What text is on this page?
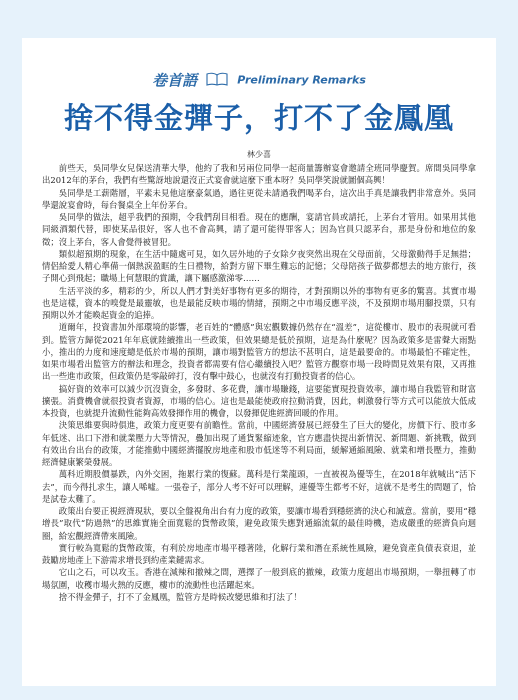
卷首語	Preliminary Remarks
捨不得金彈子，打不了金鳳凰
林少喜

前些天，吳同學女兒保送清華大學，他約了我和另兩位同學一起商量籌辦宴會邀請全班同學慶賀。席間吳同學拿出2012年的茅台，我們有些驚訝地說還沒正式宴會就這麼下重本呀？吳同學笑說就圖個高興！

吳同學是工薪階層，平素未見他這麼豪氣過，過往更從未請過我們喝茅台，這次出手真是讓我們非常意外。吳同學還說宴會時，每台餐桌全上年份茅台。

吳同學的做法，超乎我們的預期，令我們刮目相看。現在的應酬，宴請官員或請托，上茅台才管用。如果用其他同級酒類代替，即使某品很好，客人也不會高興，請了還可能得罪客人；因為官員只認茅台，那是身份和地位的象徵；沒上茅台，客人會覺得被冒犯。

類似超預期的現象，在生活中隨處可見，如久居外地的子女除夕夜突然出現在父母面前，父母激動得手足無措；情侶給愛人精心準備一個熱淚盈眶的生日禮物，給對方留下畢生難忘的記憶；父母陪孩子做夢都想去的地方旅行，孩子開心到飛起；職場上何慧眼的賞識，讓下屬感激涕零……

生活平淡的多，精彩的少，所以人們才對美好事物有更多的期待，才對預期以外的事物有更多的驚喜。其實市場也是這樣，資本的嗅覺是最靈敏，也是最能反映市場的情緒，預期之中市場反應平淡，不及預期市場用腳投票，只有預期以外才能喚起資金的追捧。

道爾年，投資書加外部環境的影響，老百姓的“體感”與宏觀數據仍然存在“溫差”，這從樓市、股市的表現就可看到。監管方歸從2021年年底就陸續推出一些政策，但效果總是低於預期，這是為什麼呢？因為政策多是雷聲大雨點小，推出的力度和速度總是低於市場的預期，讓市場對監管方的想法不甚明白，這是最要命的。市場最怕不確定性，如果市場看出監管方的辦法和理念，投資者都需要有信心繼續投入吧？監管方觀察市場一段時間見效果有限，又再推出一些進市政策，但政策仍是零敲碎打，沒有擊中鼓心，也就沒有打動投資者的信心。

搞好資的效率可以減少沉沒資金，多發財、多花費，讓市場賺錢，這要能實現投資效率，讓市場自我監管和財富擴張。消費機會就很投資者資源，市場的信心。這也是最能使政府拉動消費，因此，刺激發行等方式可以能放大低成本投資，也就提升流動性能夠高效發揮作用的機會，以發揮促進經濟回暖的作用。

決策思維要與時俱進，政策力度更要有前瞻性。當前，中國經濟發展已經發生了巨大的變化，房價下行、股市多年低迷、出口下滑和就業壓力大等情況，疊加出現了通貨緊縮迹象，官方應盡快提出新情況、新問題、新挑戰，做到有效出台出台的政策，才能推動中國經濟擺脫房地產和股市低迷等不利局面，緩解通縮風險、就業和增長壓力，推動經濟健康繁榮發展。

萬科近期股價暴跌，內外交困，拖累行業的復蘇。萬科是行業龍頭，一直被視為優等生，在2018年就喊出“活下去”，而今得扎求生，讓人唏噓。一張卷子，部分人考不好可以理解，連優等生都考不好，這就不是考生的問題了，恰是試卷太難了。

政策出台要正視經濟現狀，要以全盤視角出台有力度的政策，要讓市場看到穩經濟的決心和誠意。當前，要用“穩增長”取代“防過熱”的思維實施全面寬鬆的貨幣政策，避免政策失應對通縮流氣的最佳時機，造成嚴重的經濟負向迴圈，給宏觀經濟帶來風險。

實行較為寬鬆的貨幣政策，有利於房地產市場平穩著陸，化解行業和潛在系統性風險，避免資產負債表衰退，並鼓勵房地產上下游需求增長到約產業鏈需求。

它山之石，可以攻玉。香港在減辣和撤辣之間，選擇了一般到底的撤辣，政策力度超出市場預期，一舉扭轉了市場氛圍，收穫市場火熱的反應，樓市的流動性也活躍起來。

捨不得金彈子，打不了金鳳凰，監管方是時候改變思維和打法了！
